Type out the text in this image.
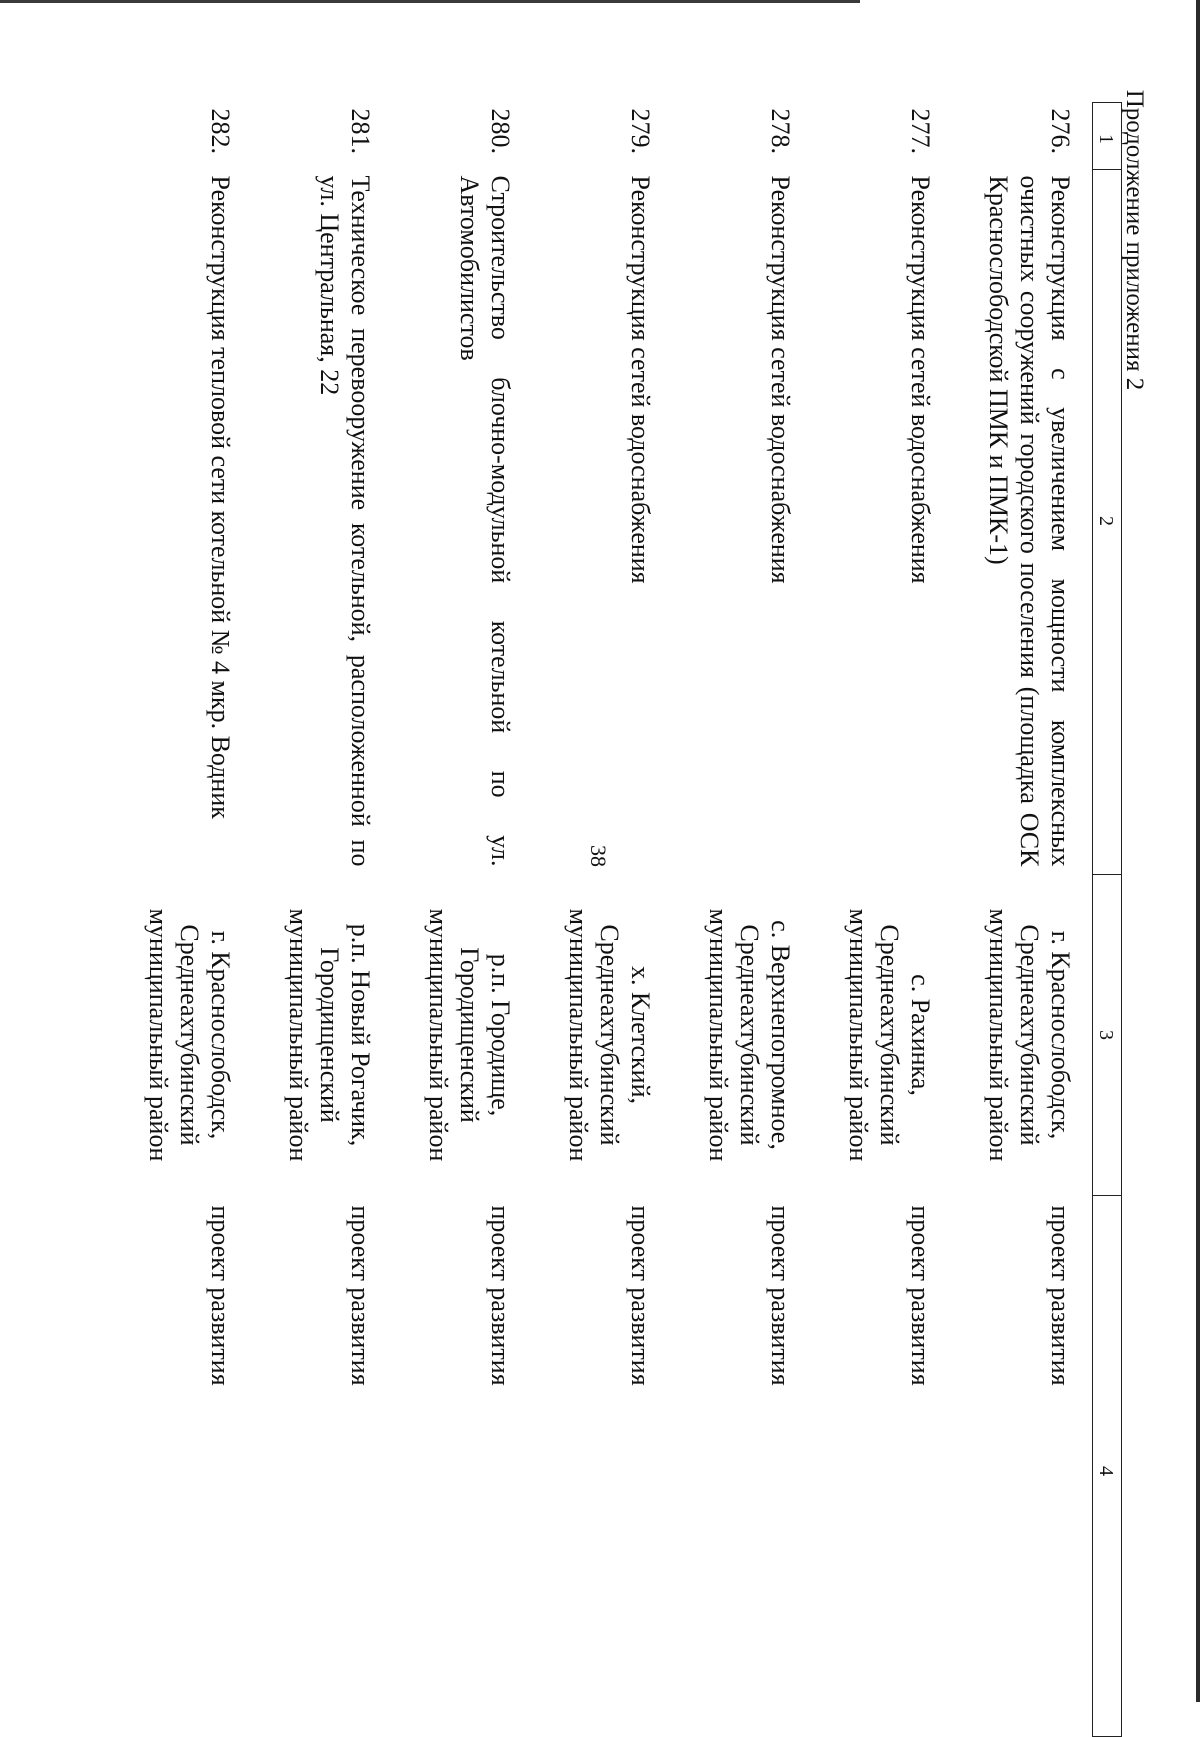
38
Продолжение приложения 2
1	2	3	4
276.	Реконструкция с увеличением мощности комплексных очистных сооружений городского поселения (площадка ОСК Краснослободской ПМК и ПМК-1)	г. Краснослободск, Среднеахтубинский муниципальный район	проект развития
277.	Реконструкция сетей водоснабжения	с. Рахинка, Среднеахтубинский муниципальный район	проект развития
278.	Реконструкция сетей водоснабжения	с. Верхнепогромное, Среднеахтубинский муниципальный район	проект развития
279.	Реконструкция сетей водоснабжения	х. Клетский, Среднеахтубинский муниципальный район	проект развития
280.	Строительство блочно-модульной котельной по ул. Автомобилистов	р.п. Городище, Городищенский муниципальный район	проект развития
281.	Техническое перевооружение котельной, расположенной по ул. Центральная, 22	р.п. Новый Рогачик, Городищенский муниципальный район	проект развития
282.	Реконструкция тепловой сети котельной № 4 мкр. Водник	г. Краснослободск, Среднеахтубинский муниципальный район	проект развития
